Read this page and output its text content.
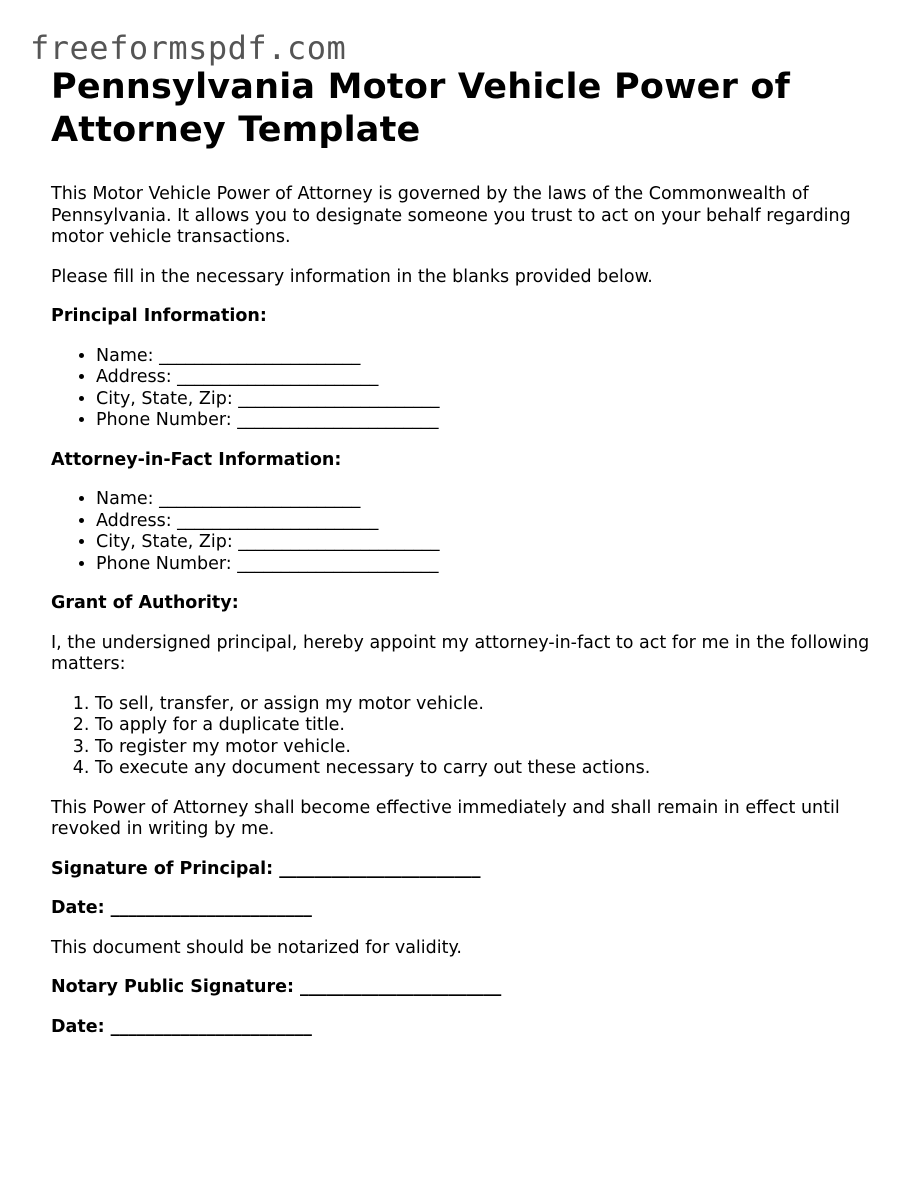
freeformspdf.com
Pennsylvania Motor Vehicle Power of Attorney Template

This Motor Vehicle Power of Attorney is governed by the laws of the Commonwealth of Pennsylvania. It allows you to designate someone you trust to act on your behalf regarding motor vehicle transactions.

Please fill in the necessary information in the blanks provided below.

Principal Information:

• Name: _______________________
• Address: _______________________
• City, State, Zip: _______________________
• Phone Number: _______________________

Attorney-in-Fact Information:

• Name: _______________________
• Address: _______________________
• City, State, Zip: _______________________
• Phone Number: _______________________

Grant of Authority:

I, the undersigned principal, hereby appoint my attorney-in-fact to act for me in the following matters:

1. To sell, transfer, or assign my motor vehicle.
2. To apply for a duplicate title.
3. To register my motor vehicle.
4. To execute any document necessary to carry out these actions.

This Power of Attorney shall become effective immediately and shall remain in effect until revoked in writing by me.

Signature of Principal: _______________________

Date: _______________________

This document should be notarized for validity.

Notary Public Signature: _______________________

Date: _______________________
